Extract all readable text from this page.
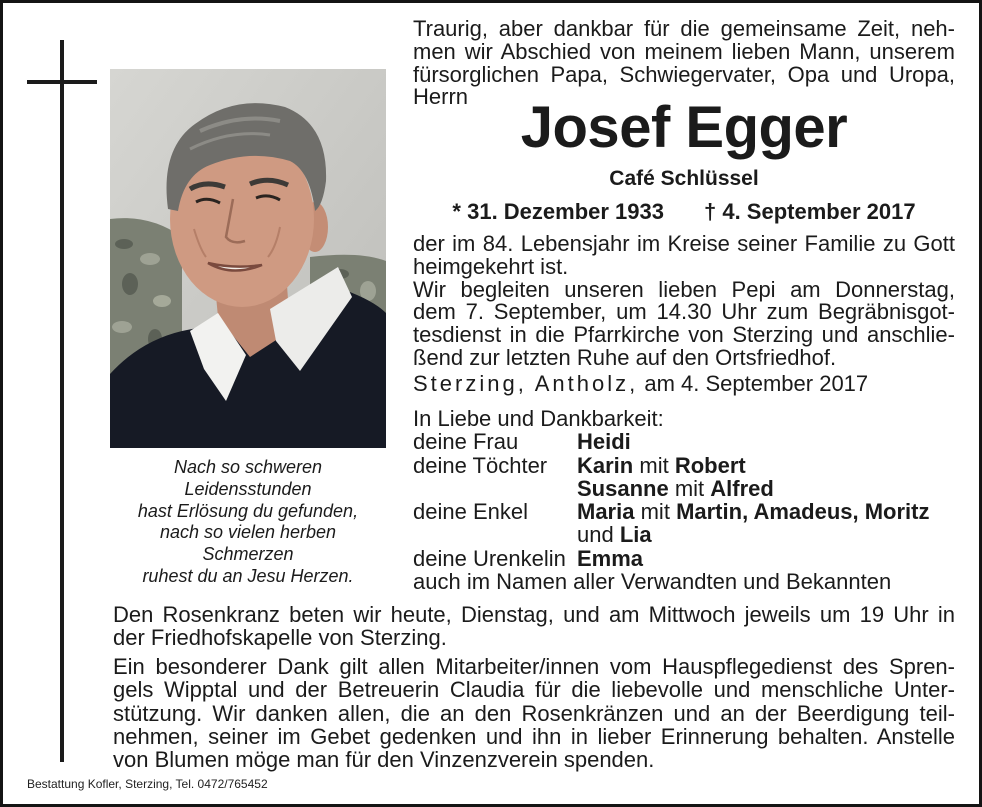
Nach so schweren
Leidensstunden
hast Erlösung du gefunden,
nach so vielen herben
Schmerzen
ruhest du an Jesu Herzen.
Traurig, aber dankbar für die gemeinsame Zeit, neh-
men wir Abschied von meinem lieben Mann, unserem
fürsorglichen Papa, Schwiegervater, Opa und Uropa,
Herrn Josef Egger
Café Schlüssel
* 31. Dezember 1933 † 4. September 2017
der im 84. Lebensjahr im Kreise seiner Familie zu Gott
heimgekehrt ist.
Wir begleiten unseren lieben Pepi am Donnerstag,
dem 7. September, um 14.30 Uhr zum Begräbnisgot-
tesdienst in die Pfarrkirche von Sterzing und anschlie-
ßend zur letzten Ruhe auf den Ortsfriedhof.
Sterzing, Antholz, am 4. September 2017
In Liebe und Dankbarkeit:
deine Frau	Heidi
deine Töchter	Karin mit Robert
Susanne mit Alfred
deine Enkel	Maria mit Martin, Amadeus, Moritz
und Lia
deine Urenkelin Emma
auch im Namen aller Verwandten und Bekannten
Den Rosenkranz beten wir heute, Dienstag, und am Mittwoch jeweils um 19 Uhr in
der Friedhofskapelle von Sterzing.
Ein besonderer Dank gilt allen Mitarbeiter/innen vom Hauspflegedienst des Spren-
gels Wipptal und der Betreuerin Claudia für die liebevolle und menschliche Unter-
stützung. Wir danken allen, die an den Rosenkränzen und an der Beerdigung teil-
nehmen, seiner im Gebet gedenken und ihn in lieber Erinnerung behalten. Anstelle
von Blumen möge man für den Vinzenzverein spenden.
Bestattung Kofler, Sterzing, Tel. 0472/765452
